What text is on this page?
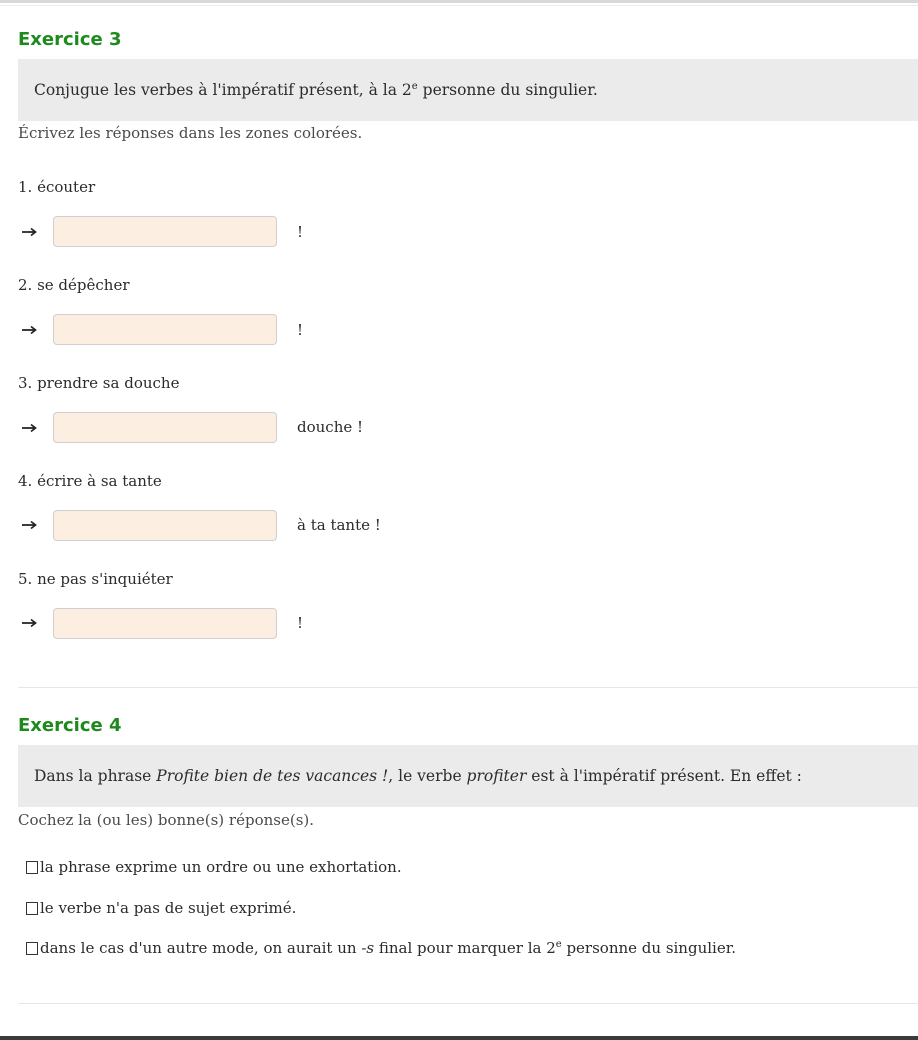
Exercice 3
Conjugue les verbes à l'impératif présent, à la 2e personne du singulier.
Écrivez les réponses dans les zones colorées.
1. écouter
!
2. se dépêcher
!
3. prendre sa douche
douche !
4. écrire à sa tante
à ta tante !
5. ne pas s'inquiéter
!
Exercice 4
Dans la phrase Profite bien de tes vacances !, le verbe profiter est à l'impératif présent. En effet :
Cochez la (ou les) bonne(s) réponse(s).
la phrase exprime un ordre ou une exhortation.
le verbe n'a pas de sujet exprimé.
dans le cas d'un autre mode, on aurait un -s final pour marquer la 2e personne du singulier.
